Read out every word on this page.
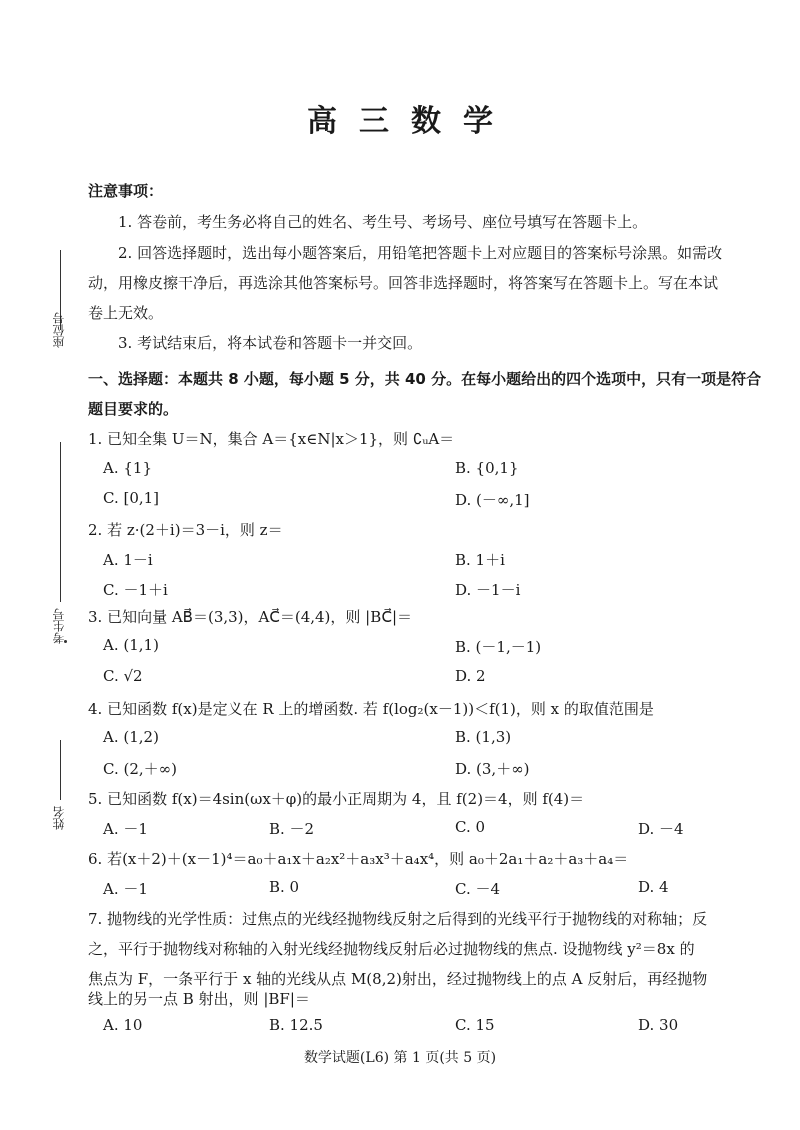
高三数学
注意事项：
1. 答卷前，考生务必将自己的姓名、考生号、考场号、座位号填写在答题卡上。
2. 回答选择题时，选出每小题答案后，用铅笔把答题卡上对应题目的答案标号涂黑。如需改
动，用橡皮擦干净后，再选涂其他答案标号。回答非选择题时，将答案写在答题卡上。写在本试
卷上无效。
3. 考试结束后，将本试卷和答题卡一并交回。
一、选择题：本题共 8 小题，每小题 5 分，共 40 分。在每小题给出的四个选项中，只有一项是符合
题目要求的。
1. 已知全集 U＝N，集合 A＝{x∈N|x＞1}，则 ∁ᵤA＝
A. {1}	B. {0,1}
C. [0,1]	D. (－∞,1]
2. 若 z·(2＋i)＝3－i，则 z＝
A. 1－i	B. 1＋i
C. －1＋i	D. －1－i
3. 已知向量 AB⃗＝(3,3)，AC⃗＝(4,4)，则 |BC⃗|＝
A. (1,1)	B. (－1,－1)
C. √2	D. 2
4. 已知函数 f(x)是定义在 R 上的增函数. 若 f(log₂(x－1))＜f(1)，则 x 的取值范围是
A. (1,2)	B. (1,3)
C. (2,＋∞)	D. (3,＋∞)
5. 已知函数 f(x)＝4sin(ωx＋φ)的最小正周期为 4，且 f(2)＝4，则 f(4)＝
A. －1	B. －2	C. 0	D. －4
6. 若(x＋2)＋(x－1)⁴＝a₀＋a₁x＋a₂x²＋a₃x³＋a₄x⁴，则 a₀＋2a₁＋a₂＋a₃＋a₄＝
A. －1	B. 0	C. －4	D. 4
7. 抛物线的光学性质：过焦点的光线经抛物线反射之后得到的光线平行于抛物线的对称轴；反
之，平行于抛物线对称轴的入射光线经抛物线反射后必过抛物线的焦点. 设抛物线 y²＝8x 的
焦点为 F，一条平行于 x 轴的光线从点 M(8,2)射出，经过抛物线上的点 A 反射后，再经抛物
线上的另一点 B 射出，则 |BF|＝
A. 10	B. 12.5	C. 15	D. 30
座位号
考生号
姓名
数学试题(L6) 第 1 页(共 5 页)
